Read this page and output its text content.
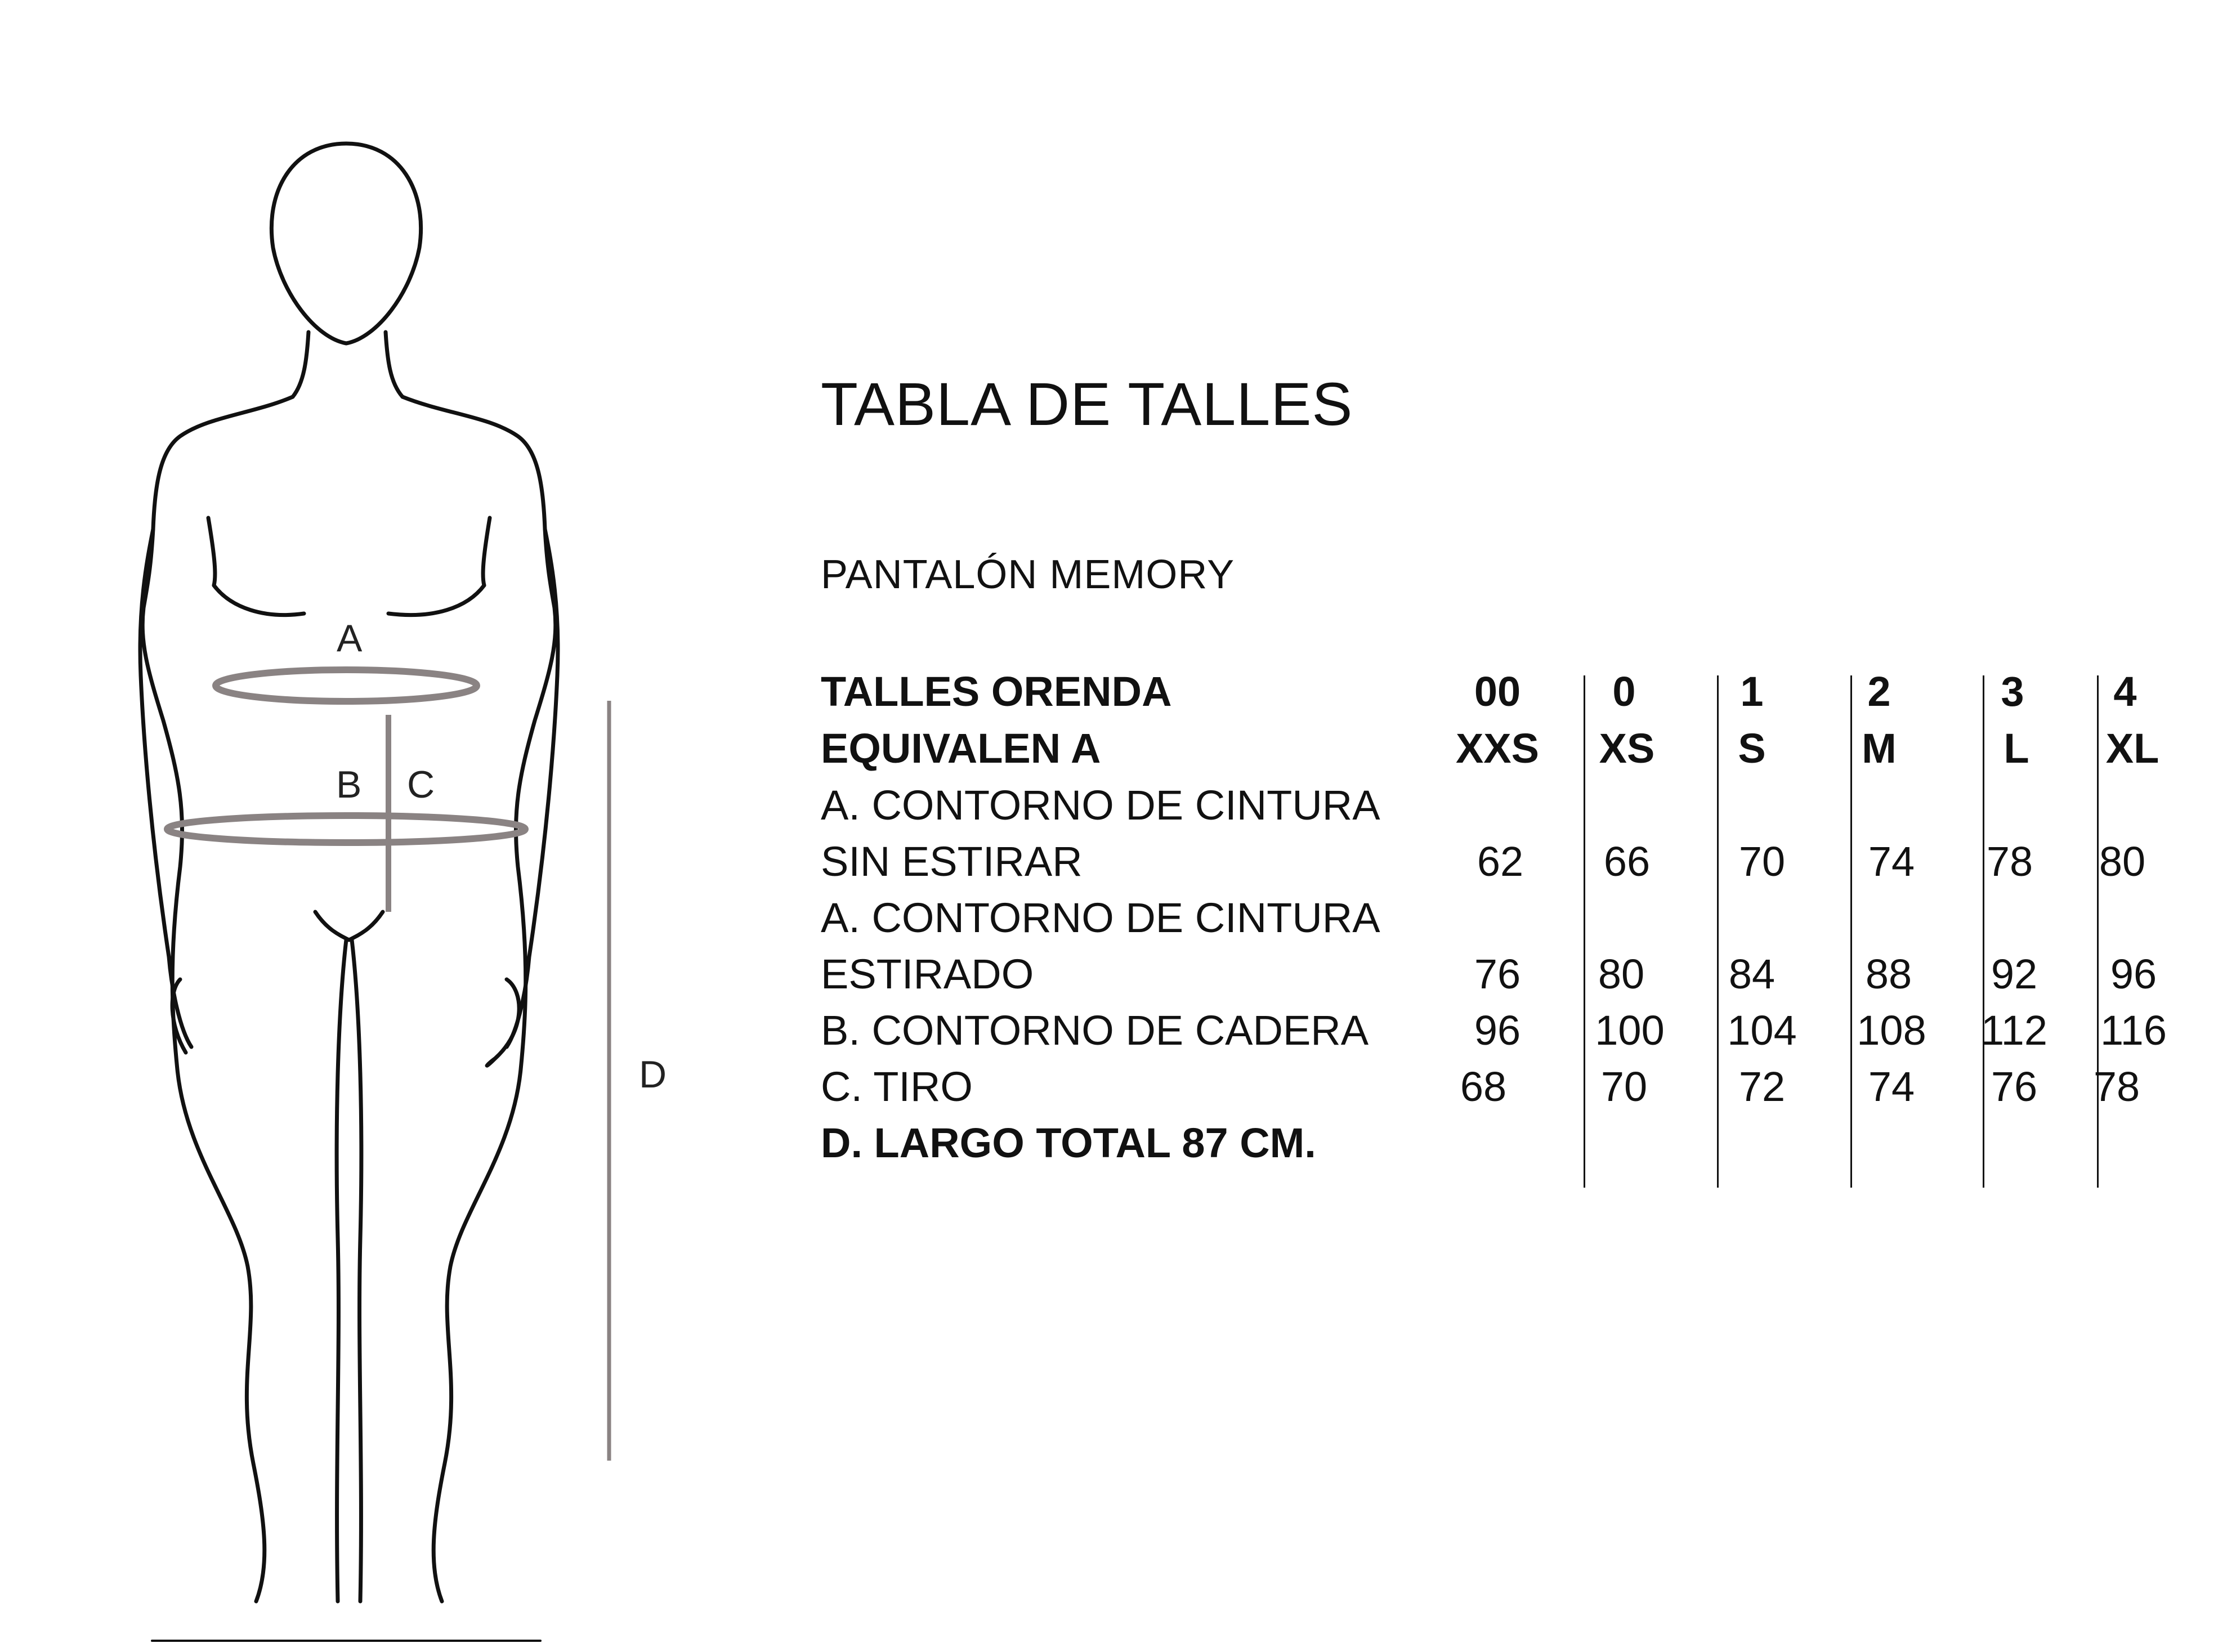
A
B C
D
TABLA DE TALLES
PANTALÓN MEMORY
TALLES ORENDA	00	0	1	2	3	4
EQUIVALEN A	XXS	XS	S	M	L	XL
A. CONTORNO DE CINTURA
SIN ESTIRAR	62	66	70	74	78	80
A. CONTORNO DE CINTURA
ESTIRADO	76	80	84	88	92	96
B. CONTORNO DE CADERA	96	100	104	108	112	116
C. TIRO	68	70	72	74	76	78
D. LARGO TOTAL 87 CM.
